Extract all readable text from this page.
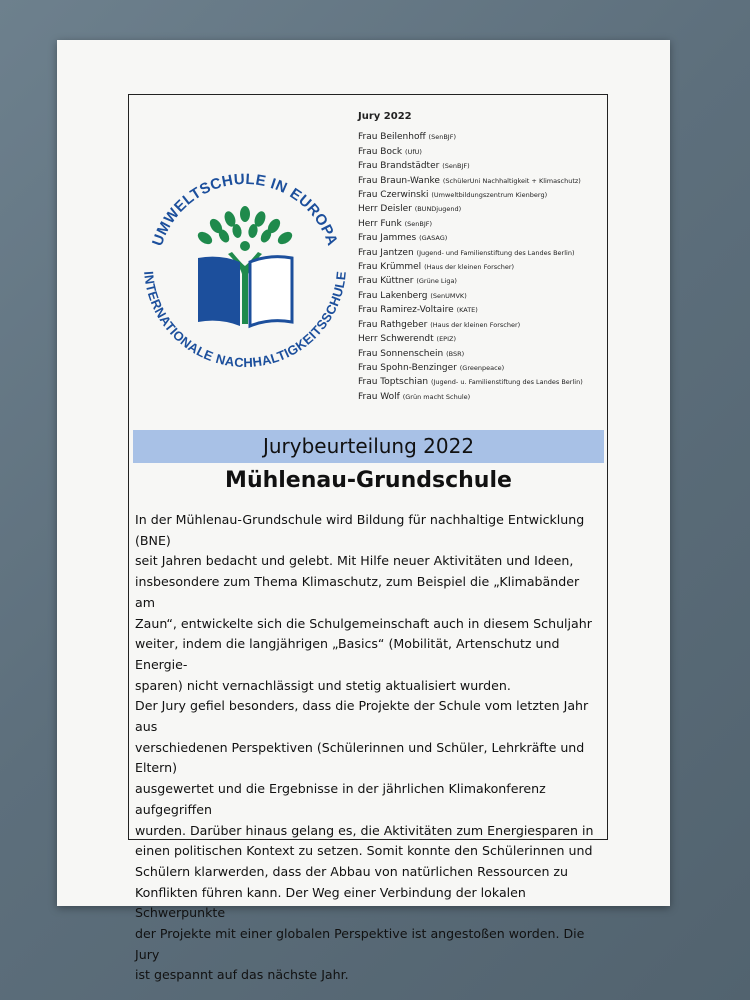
UMWELTSCHULE IN EUROPA
INTERNATIONALE NACHHALTIGKEITSSCHULE
Jury 2022
Frau Beilenhoff (SenBJF)
Frau Bock (UfU)
Frau Brandstädter (SenBJF)
Frau Braun-Wanke (SchülerUni Nachhaltigkeit + Klimaschutz)
Frau Czerwinski (Umweltbildungszentrum Kienberg)
Herr Deisler (BUNDjugend)
Herr Funk (SenBJF)
Frau Jammes (GASAG)
Frau Jantzen (Jugend- und Familienstiftung des Landes Berlin)
Frau Krümmel (Haus der kleinen Forscher)
Frau Küttner (Grüne Liga)
Frau Lakenberg (SenUMVK)
Frau Ramirez-Voltaire (KATE)
Frau Rathgeber (Haus der kleinen Forscher)
Herr Schwerendt (EPIZ)
Frau Sonnenschein (BSR)
Frau Spohn-Benzinger (Greenpeace)
Frau Toptschian (Jugend- u. Familienstiftung des Landes Berlin)
Frau Wolf (Grün macht Schule)
Jurybeurteilung 2022
Mühlenau-Grundschule

In der Mühlenau-Grundschule wird Bildung für nachhaltige Entwicklung (BNE)

seit Jahren bedacht und gelebt. Mit Hilfe neuer Aktivitäten und Ideen,

insbesondere zum Thema Klimaschutz, zum Beispiel die „Klimabänder am

Zaun“, entwickelte sich die Schulgemeinschaft auch in diesem Schuljahr

weiter, indem die langjährigen „Basics“ (Mobilität, Artenschutz und Energie-

sparen) nicht vernachlässigt und stetig aktualisiert wurden.

Der Jury gefiel besonders, dass die Projekte der Schule vom letzten Jahr aus

verschiedenen Perspektiven (Schülerinnen und Schüler, Lehrkräfte und Eltern)

ausgewertet und die Ergebnisse in der jährlichen Klimakonferenz aufgegriffen

wurden. Darüber hinaus gelang es, die Aktivitäten zum Energiesparen in

einen politischen Kontext zu setzen. Somit konnte den Schülerinnen und

Schülern klarwerden, dass der Abbau von natürlichen Ressourcen zu

Konflikten führen kann. Der Weg einer Verbindung der lokalen Schwerpunkte

der Projekte mit einer globalen Perspektive ist angestoßen worden. Die Jury

ist gespannt auf das nächste Jahr.
